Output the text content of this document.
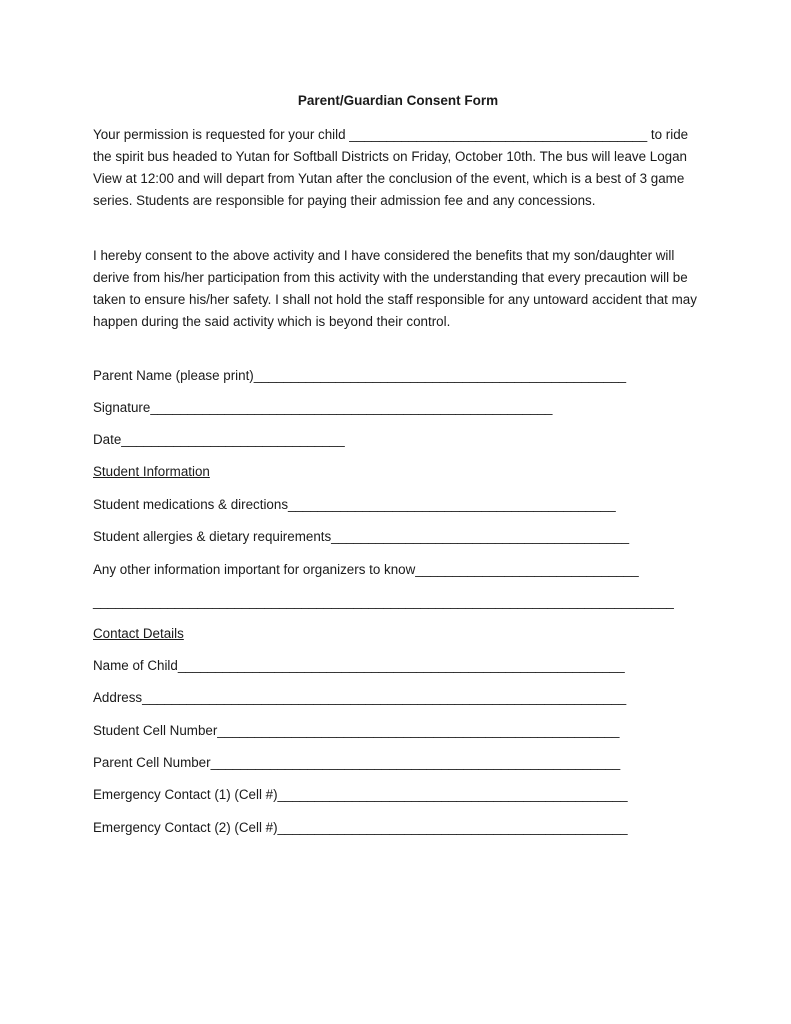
Parent/Guardian Consent Form

Your permission is requested for your child ________________________________________ to ride the spirit bus headed to Yutan for Softball Districts on Friday, October 10th. The bus will leave Logan View at 12:00 and will depart from Yutan after the conclusion of the event, which is a best of 3 game series. Students are responsible for paying their admission fee and any concessions.

I hereby consent to the above activity and I have considered the benefits that my son/daughter will derive from his/her participation from this activity with the understanding that every precaution will be taken to ensure his/her safety. I shall not hold the staff responsible for any untoward accident that may happen during the said activity which is beyond their control.

Parent Name (please print)__________________________________________________
Signature______________________________________________________
Date______________________________
Student Information
Student medications & directions____________________________________________
Student allergies & dietary requirements________________________________________
Any other information important for organizers to know______________________________
______________________________________________________________________________
Contact Details
Name of Child____________________________________________________________
Address_________________________________________________________________
Student Cell Number______________________________________________________
Parent Cell Number_______________________________________________________
Emergency Contact (1) (Cell #)_______________________________________________
Emergency Contact (2) (Cell #)_______________________________________________
